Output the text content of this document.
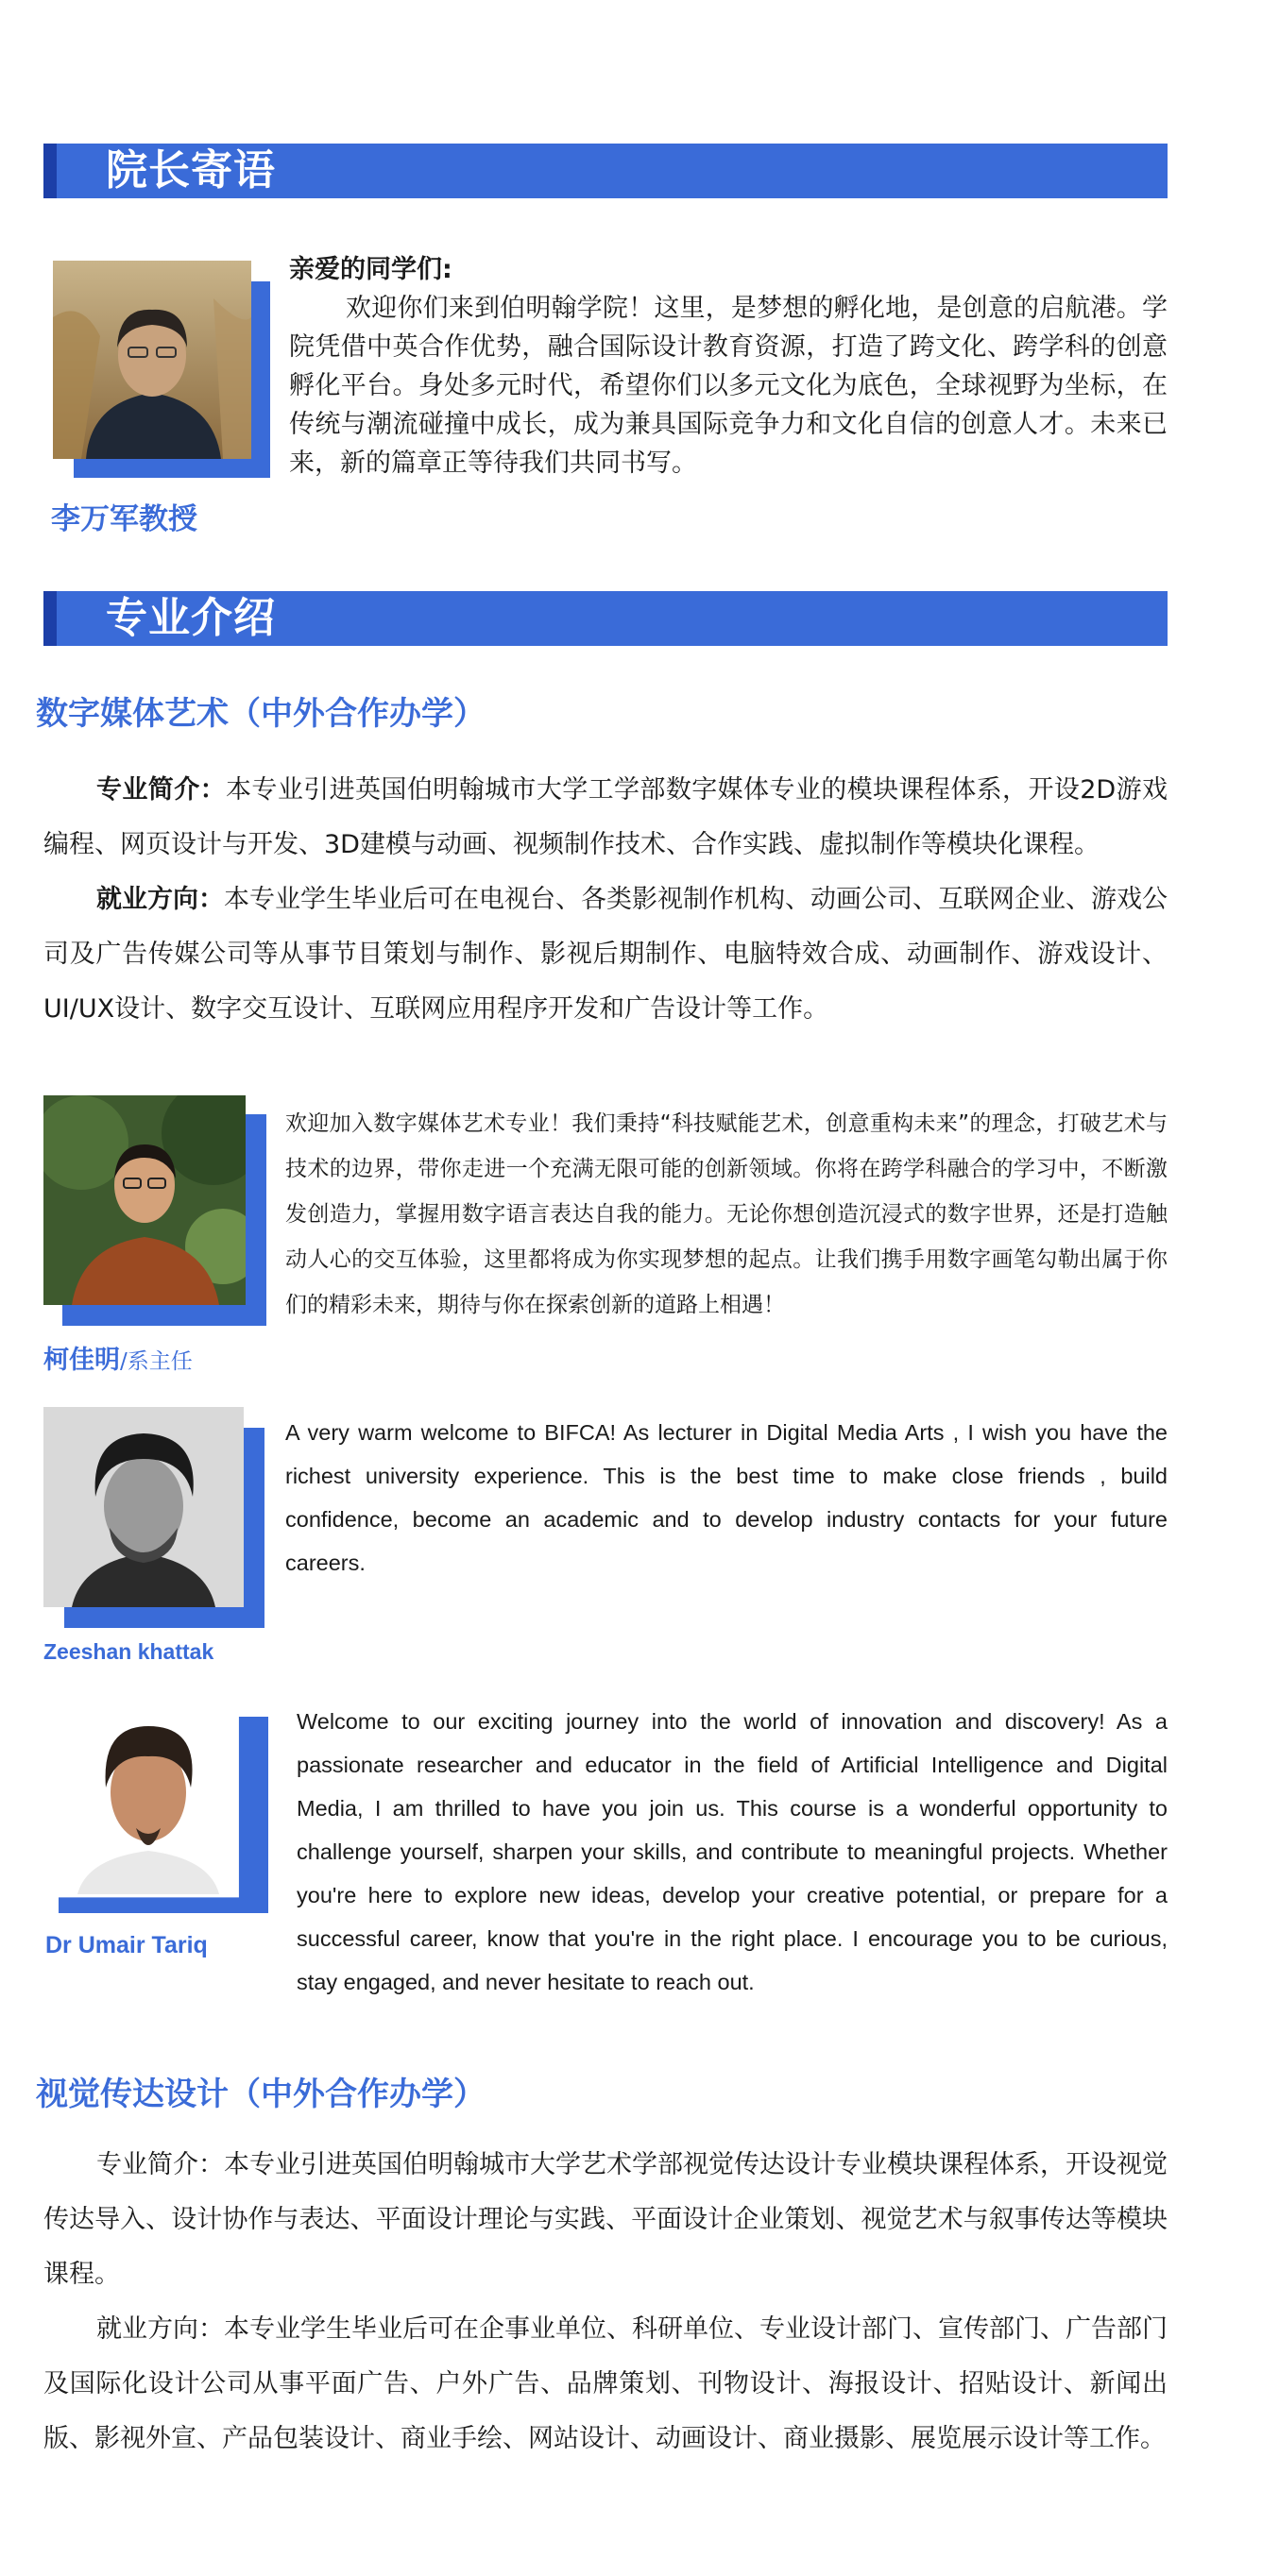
院长寄语
李万军教授
亲爱的同学们:
欢迎你们来到伯明翰学院！这里，是梦想的孵化地，是创意的启航港。学院凭借中英合作优势，融合国际设计教育资源，打造了跨文化、跨学科的创意孵化平台。身处多元时代，希望你们以多元文化为底色，全球视野为坐标，在传统与潮流碰撞中成长，成为兼具国际竞争力和文化自信的创意人才。未来已来，新的篇章正等待我们共同书写。
专业介绍
数字媒体艺术（中外合作办学）
专业简介：本专业引进英国伯明翰城市大学工学部数字媒体专业的模块课程体系，开设2D游戏编程、网页设计与开发、3D建模与动画、视频制作技术、合作实践、虚拟制作等模块化课程。
就业方向：本专业学生毕业后可在电视台、各类影视制作机构、动画公司、互联网企业、游戏公司及广告传媒公司等从事节目策划与制作、影视后期制作、电脑特效合成、动画制作、游戏设计、UI/UX设计、数字交互设计、互联网应用程序开发和广告设计等工作。
柯佳明/系主任
欢迎加入数字媒体艺术专业！我们秉持“科技赋能艺术，创意重构未来”的理念，打破艺术与技术的边界，带你走进一个充满无限可能的创新领域。你将在跨学科融合的学习中，不断激发创造力，掌握用数字语言表达自我的能力。无论你想创造沉浸式的数字世界，还是打造触动人心的交互体验，这里都将成为你实现梦想的起点。让我们携手用数字画笔勾勒出属于你们的精彩未来，期待与你在探索创新的道路上相遇！
Zeeshan khattak
A very warm welcome to BIFCA! As lecturer in Digital Media Arts , I wish you have the richest university experience. This is the best time to make close friends , build confidence, become an academic and to develop industry contacts for your future careers.
Dr Umair Tariq
Welcome to our exciting journey into the world of innovation and discovery! As a passionate researcher and educator in the field of Artificial Intelligence and Digital Media, I am thrilled to have you join us. This course is a wonderful opportunity to challenge yourself, sharpen your skills, and contribute to meaningful projects. Whether you're here to explore new ideas, develop your creative potential, or prepare for a successful career, know that you're in the right place. I encourage you to be curious, stay engaged, and never hesitate to reach out.
视觉传达设计（中外合作办学）
专业简介：本专业引进英国伯明翰城市大学艺术学部视觉传达设计专业模块课程体系，开设视觉传达导入、设计协作与表达、平面设计理论与实践、平面设计企业策划、视觉艺术与叙事传达等模块课程。
就业方向：本专业学生毕业后可在企事业单位、科研单位、专业设计部门、宣传部门、广告部门及国际化设计公司从事平面广告、户外广告、品牌策划、刊物设计、海报设计、招贴设计、新闻出版、影视外宣、产品包装设计、商业手绘、网站设计、动画设计、商业摄影、展览展示设计等工作。
